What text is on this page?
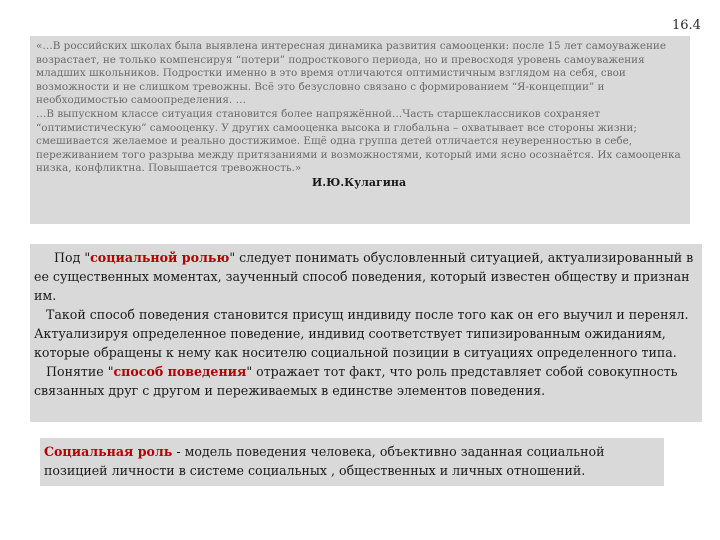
16.4

«…В российских школах была выявлена интересная динамика развития самооценки: после 15 лет самоуважение возрастает, не только компенсируя “потери” подросткового периода, но и превосходя уровень самоуважения младших школьников. Подростки именно в это время отличаются оптимистичным взглядом на себя, свои возможности и не слишком тревожны. Всё это безусловно связано с формированием “Я-концепции” и необходимостью самоопределения. …

…В выпускном классе ситуация становится более напряжённой…Часть старшеклассников сохраняет “оптимистическую” самооценку. У других самооценка высока и глобальна – охватывает все стороны жизни; смешивается желаемое и реально достижимое. Ещё одна группа детей отличается неуверенностью в себе, переживанием того разрыва между притязаниями и возможностями, который ими ясно осознаётся. Их самооценка низка, конфликтна. Повышается тревожность.»

И.Ю.Кулагина

Под "социальной ролью" следует понимать обусловленный ситуацией, актуализированный в ее существенных моментах, заученный способ поведения, который известен обществу и признан им.

Такой способ поведения становится присущ индивиду после того как он его выучил и перенял. Актуализируя определенное поведение, индивид соответствует типизированным ожиданиям, которые обращены к нему как носителю социальной позиции в ситуациях определенного типа.

Понятие "способ поведения" отражает тот факт, что роль представляет собой совокупность связанных друг с другом и переживаемых в единстве элементов поведения.

Социальная роль - модель поведения человека, объективно заданная социальной позицией личности в системе социальных , общественных и личных отношений.
